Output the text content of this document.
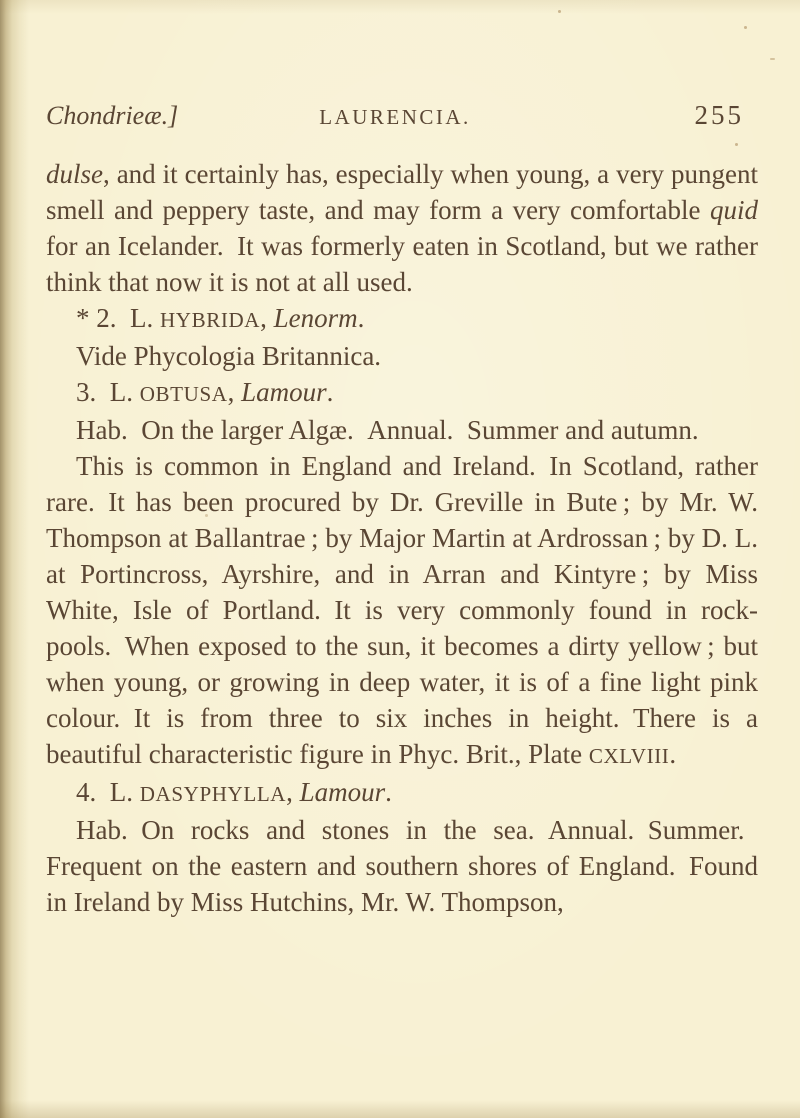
Chondrieæ.]	LAURENCIA.	255

dulse, and it certainly has, especially when young, a very pungent smell and peppery taste, and may form a very comfortable quid for an Icelander. It was formerly eaten in Scotland, but we rather think that now it is not at all used.

* 2. L. HYBRIDA, Lenorm.

Vide Phycologia Britannica.

3. L. OBTUSA, Lamour.

Hab. On the larger Algæ. Annual. Summer and autumn.

This is common in England and Ireland. In Scotland, rather rare. It has been procured by Dr. Greville in Bute ; by Mr. W. Thompson at Ballantrae ; by Major Martin at Ardrossan ; by D. L. at Portincross, Ayrshire, and in Arran and Kintyre ; by Miss White, Isle of Portland. It is very commonly found in rock-pools. When exposed to the sun, it becomes a dirty yellow ; but when young, or growing in deep water, it is of a fine light pink colour. It is from three to six inches in height. There is a beautiful characteristic figure in Phyc. Brit., Plate CXLVIII.

4. L. DASYPHYLLA, Lamour.

Hab. On rocks and stones in the sea. Annual. Summer. Frequent on the eastern and southern shores of England. Found in Ireland by Miss Hutchins, Mr. W. Thompson,
